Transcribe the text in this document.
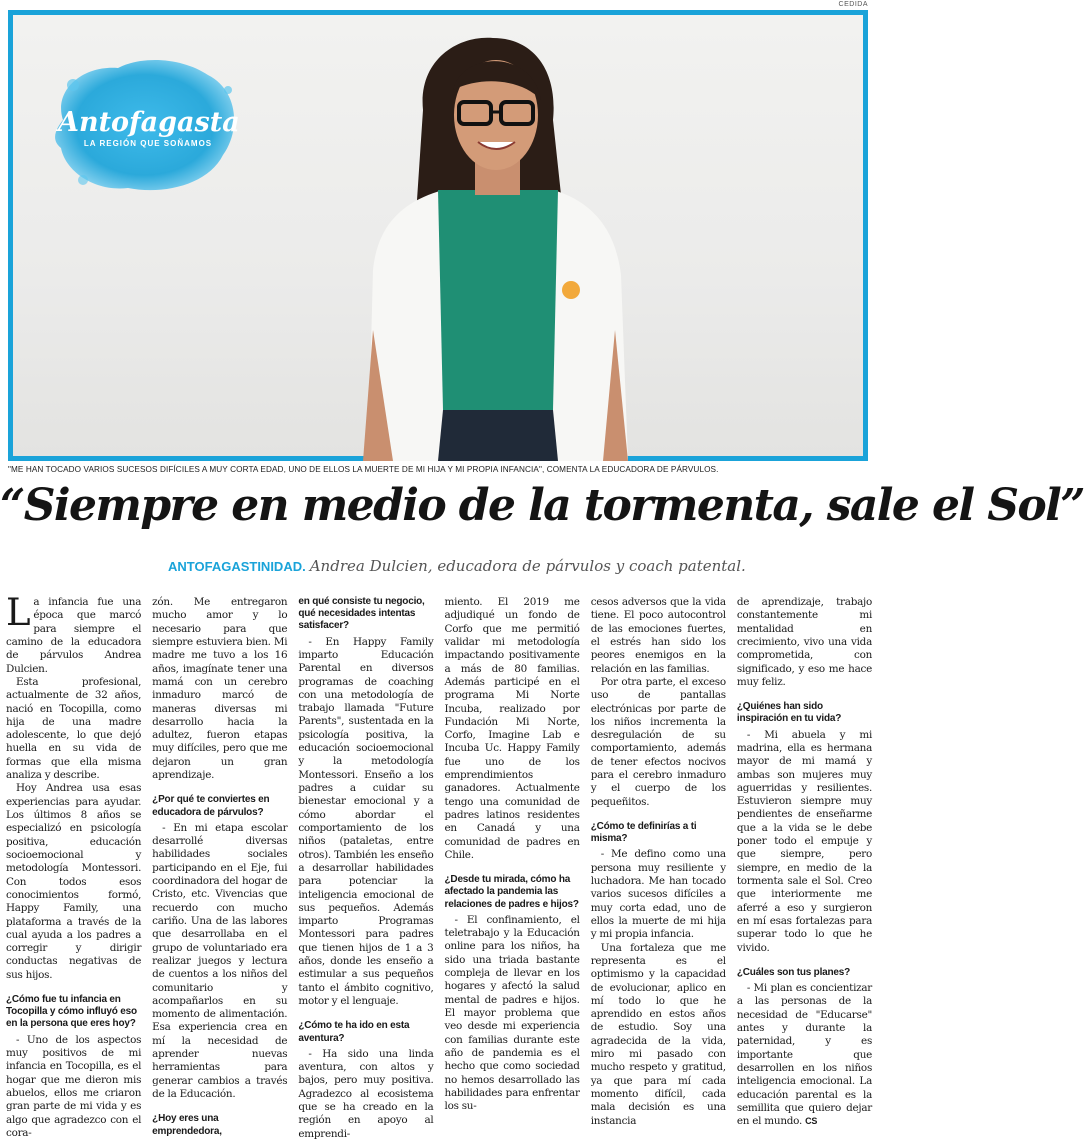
CEDIDA
Antofagasta
LA REGIÓN QUE SOÑAMOS
"ME HAN TOCADO VARIOS SUCESOS DIFÍCILES A MUY CORTA EDAD, UNO DE ELLOS LA MUERTE DE MI HIJA Y MI PROPIA INFANCIA", COMENTA LA EDUCADORA DE PÁRVULOS.
“Siempre en medio de la tormenta, sale el Sol”
ANTOFAGASTINIDAD. Andrea Dulcien, educadora de párvulos y coach patental.

La infancia fue una época que marcó para siempre el camino de la educadora de párvulos Andrea Dulcien.

Esta profesional, actualmente de 32 años, nació en Tocopilla, como hija de una madre adolescente, lo que dejó huella en su vida de formas que ella misma analiza y describe.

Hoy Andrea usa esas experiencias para ayudar. Los últimos 8 años se especializó en psicología positiva, educación socioemocional y metodología Montessori. Con todos esos conocimientos formó, Happy Family, una plataforma a través de la cual ayuda a los padres a corregir y dirigir conductas negativas de sus hijos.

¿Cómo fue tu infancia en Tocopilla y cómo influyó eso en la persona que eres hoy?

- Uno de los aspectos muy positivos de mi infancia en Tocopilla, es el hogar que me dieron mis abuelos, ellos me criaron gran parte de mi vida y es algo que agradezco con el cora-

zón. Me entregaron mucho amor y lo necesario para que siempre estuviera bien. Mi madre me tuvo a los 16 años, imagínate tener una mamá con un cerebro inmaduro marcó de maneras diversas mi desarrollo hacia la adultez, fueron etapas muy difíciles, pero que me dejaron un gran aprendizaje.

¿Por qué te conviertes en educadora de párvulos?

- En mi etapa escolar desarrollé diversas habilidades sociales participando en el Eje, fui coordinadora del hogar de Cristo, etc. Vivencias que recuerdo con mucho cariño. Una de las labores que desarrollaba en el grupo de voluntariado era realizar juegos y lectura de cuentos a los niños del comunitario y acompañarlos en su momento de alimentación. Esa experiencia crea en mí la necesidad de aprender nuevas herramientas para generar cambios a través de la Educación.

¿Hoy eres una emprendedora,
en qué consiste tu negocio, qué necesidades intentas satisfacer?

- En Happy Family imparto Educación Parental en diversos programas de coaching con una metodología de trabajo llamada "Future Parents", sustentada en la psicología positiva, la educación socioemocional y la metodología Montessori. Enseño a los padres a cuidar su bienestar emocional y a cómo abordar el comportamiento de los niños (pataletas, entre otros). También les enseño a desarrollar habilidades para potenciar la inteligencia emocional de sus pequeños. Además imparto Programas Montessori para padres que tienen hijos de 1 a 3 años, donde les enseño a estimular a sus pequeños tanto el ámbito cognitivo, motor y el lenguaje.

¿Cómo te ha ido en esta aventura?

- Ha sido una linda aventura, con altos y bajos, pero muy positiva. Agradezco al ecosistema que se ha creado en la región en apoyo al emprendi-

miento. El 2019 me adjudiqué un fondo de Corfo que me permitió validar mi metodología impactando positivamente a más de 80 familias. Además participé en el programa Mi Norte Incuba, realizado por Fundación Mi Norte, Corfo, Imagine Lab e Incuba Uc. Happy Family fue uno de los emprendimientos ganadores. Actualmente tengo una comunidad de padres latinos residentes en Canadá y una comunidad de padres en Chile.

¿Desde tu mirada, cómo ha afectado la pandemia las relaciones de padres e hijos?

- El confinamiento, el teletrabajo y la Educación online para los niños, ha sido una triada bastante compleja de llevar en los hogares y afectó la salud mental de padres e hijos. El mayor problema que veo desde mi experiencia con familias durante este año de pandemia es el hecho que como sociedad no hemos desarrollado las habilidades para enfrentar los su-

cesos adversos que la vida tiene. El poco autocontrol de las emociones fuertes, el estrés han sido los peores enemigos en la relación en las familias.

Por otra parte, el exceso uso de pantallas electrónicas por parte de los niños incrementa la desregulación de su comportamiento, además de tener efectos nocivos para el cerebro inmaduro y el cuerpo de los pequeñitos.

¿Cómo te definirías a ti misma?

- Me defino como una persona muy resiliente y luchadora. Me han tocado varios sucesos difíciles a muy corta edad, uno de ellos la muerte de mi hija y mi propia infancia.

Una fortaleza que me representa es el optimismo y la capacidad de evolucionar, aplico en mí todo lo que he aprendido en estos años de estudio. Soy una agradecida de la vida, miro mi pasado con mucho respeto y gratitud, ya que para mí cada momento difícil, cada mala decisión es una instancia

de aprendizaje, trabajo constantemente mi mentalidad en crecimiento, vivo una vida comprometida, con significado, y eso me hace muy feliz.

¿Quiénes han sido inspiración en tu vida?

- Mi abuela y mi madrina, ella es hermana mayor de mi mamá y ambas son mujeres muy aguerridas y resilientes. Estuvieron siempre muy pendientes de enseñarme que a la vida se le debe poner todo el empuje y que siempre, pero siempre, en medio de la tormenta sale el Sol. Creo que interiormente me aferré a eso y surgieron en mí esas fortalezas para superar todo lo que he vivido.

¿Cuáles son tus planes?

- Mi plan es concientizar a las personas de la necesidad de "Educarse" antes y durante la paternidad, y es importante que desarrollen en los niños inteligencia emocional. La educación parental es la semillita que quiero dejar en el mundo. CS
